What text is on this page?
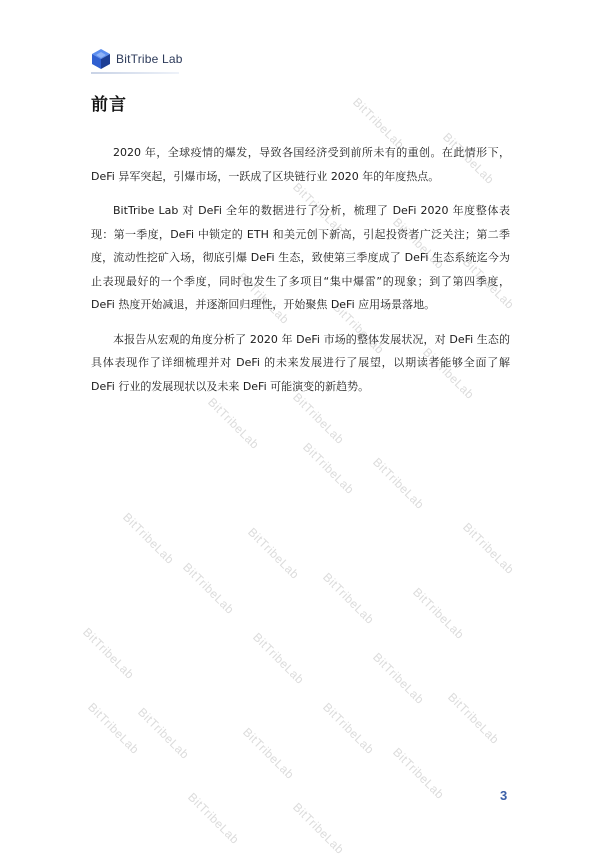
BitTribeLab
BitTribeLab
BitTribeLab
BitTribeLab
BitTribeLab
BitTribeLab
BitTribeLab
BitTribeLab
BitTribeLab
BitTribeLab
BitTribeLab
BitTribeLab
BitTribeLab	BitTribeLab	BitTribeLab
BitTribeLab	BitTribeLab	BitTribeLab
BitTribeLab	BitTribeLab	BitTribeLab
BitTribeLab
BitTribeLab	BitTribeLab BitTribeLab
BitTribeLab
BitTribeLab
BitTribeLab	BitTribeLab
BitTribe Lab
前言

2020 年，全球疫情的爆发，导致各国经济受到前所未有的重创。在此情形下，DeFi 异军突起，引爆市场，一跃成了区块链行业 2020 年的年度热点。

BitTribe Lab 对 DeFi 全年的数据进行了分析，梳理了 DeFi 2020 年度整体表现：第一季度，DeFi 中锁定的 ETH 和美元创下新高，引起投资者广泛关注；第二季度，流动性挖矿入场，彻底引爆 DeFi 生态，致使第三季度成了 DeFi 生态系统迄今为止表现最好的一个季度，同时也发生了多项目“集中爆雷”的现象；到了第四季度，DeFi 热度开始减退，并逐渐回归理性，开始聚焦 DeFi 应用场景落地。

本报告从宏观的角度分析了 2020 年 DeFi 市场的整体发展状况，对 DeFi 生态的具体表现作了详细梳理并对 DeFi 的未来发展进行了展望，以期读者能够全面了解 DeFi 行业的发展现状以及未来 DeFi 可能演变的新趋势。

3
